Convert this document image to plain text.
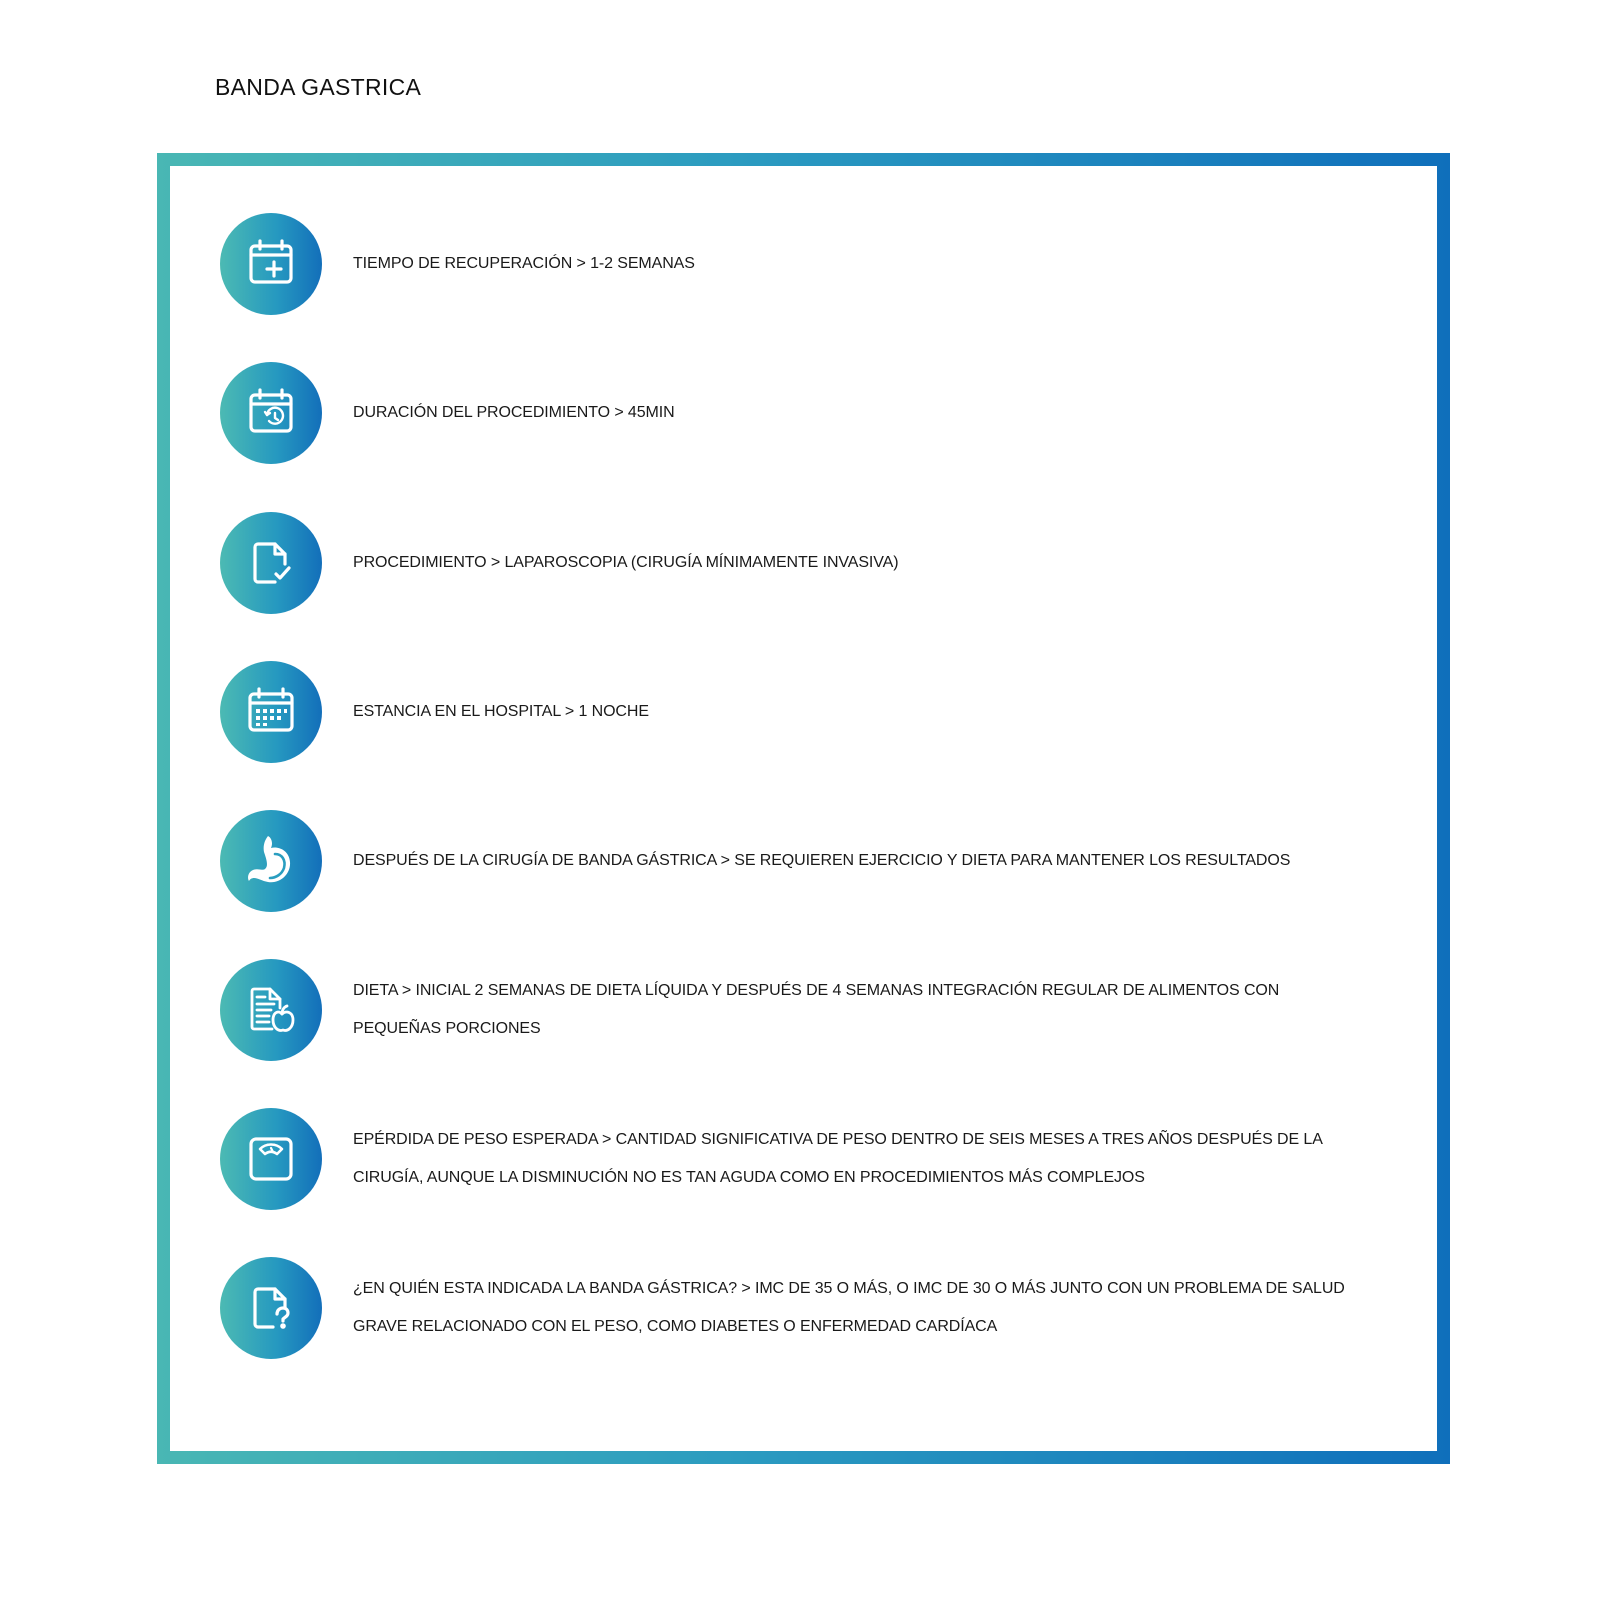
BANDA GASTRICA
TIEMPO DE RECUPERACIÓN > 1-2 SEMANAS
DURACIÓN DEL PROCEDIMIENTO > 45MIN
PROCEDIMIENTO > LAPAROSCOPIA (CIRUGÍA MÍNIMAMENTE INVASIVA)
ESTANCIA EN EL HOSPITAL > 1 NOCHE
DESPUÉS DE LA CIRUGÍA DE BANDA GÁSTRICA > SE REQUIEREN EJERCICIO Y DIETA PARA MANTENER LOS RESULTADOS
DIETA > INICIAL 2 SEMANAS DE DIETA LÍQUIDA Y DESPUÉS DE 4 SEMANAS INTEGRACIÓN REGULAR DE ALIMENTOS CON PEQUEÑAS PORCIONES
EPÉRDIDA DE PESO ESPERADA > CANTIDAD SIGNIFICATIVA DE PESO DENTRO DE SEIS MESES A TRES AÑOS DESPUÉS DE LA CIRUGÍA, AUNQUE LA DISMINUCIÓN NO ES TAN AGUDA COMO EN PROCEDIMIENTOS MÁS COMPLEJOS
¿EN QUIÉN ESTA INDICADA LA BANDA GÁSTRICA? > IMC DE 35 O MÁS, O IMC DE 30 O MÁS JUNTO CON UN PROBLEMA DE SALUD GRAVE RELACIONADO CON EL PESO, COMO DIABETES O ENFERMEDAD CARDÍACA
